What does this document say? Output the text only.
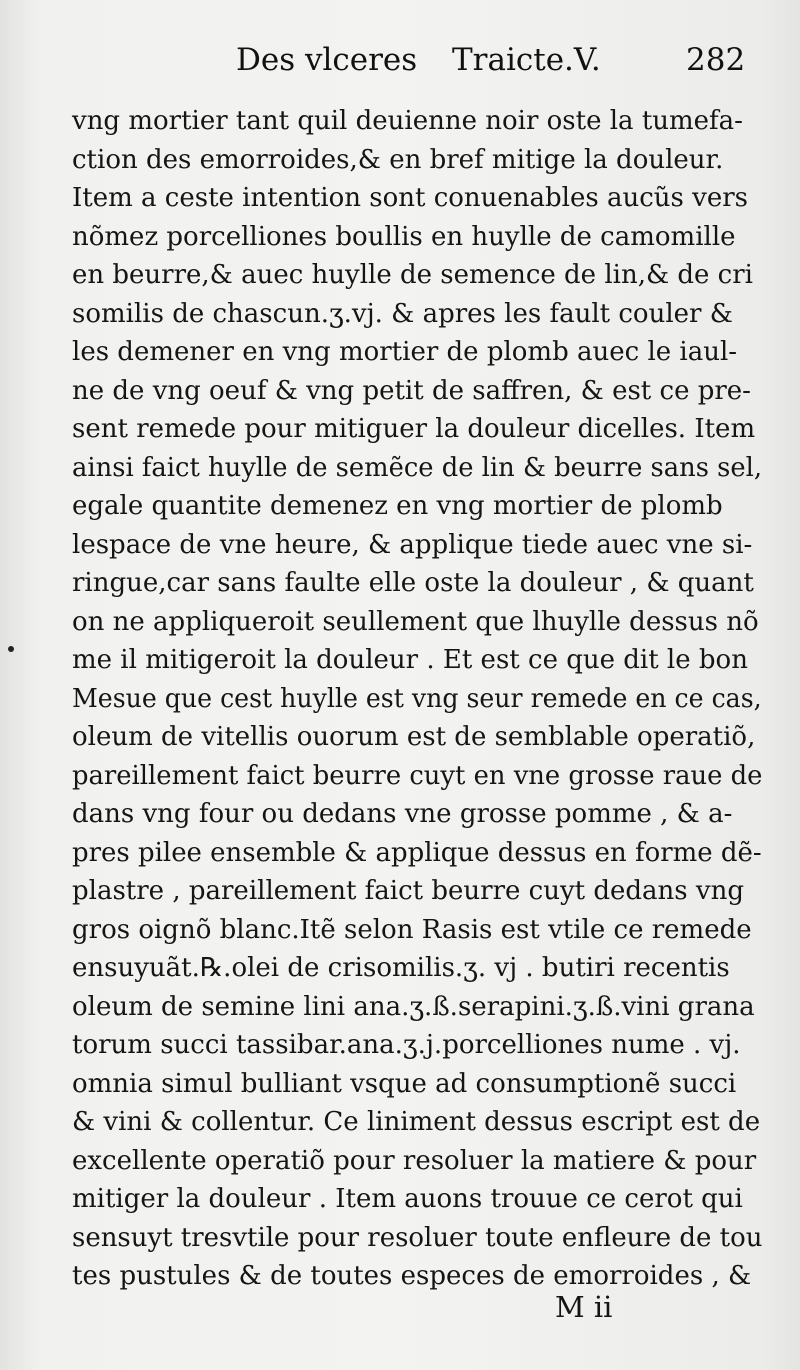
Des vlceres Traicte.V.	282
vng mortier tant quil deuienne noir oste la tumefa-
ction des emorroides,& en bref mitige la douleur.
Item a ceste intention sont conuenables aucũs vers
nõmez porcelliones boullis en huylle de camomille
en beurre,& auec huylle de semence de lin,& de cri
somilis de chascun.ʒ.vj. & apres les fault couler &
les demener en vng mortier de plomb auec le iaul-
ne de vng oeuf & vng petit de saffren, & est ce pre-
sent remede pour mitiguer la douleur dicelles. Item
ainsi faict huylle de semẽce de lin & beurre sans sel,
egale quantite demenez en vng mortier de plomb
lespace de vne heure, & applique tiede auec vne si-
ringue,car sans faulte elle oste la douleur , & quant
on ne appliqueroit seullement que lhuylle dessus nõ
me il mitigeroit la douleur . Et est ce que dit le bon
Mesue que cest huylle est vng seur remede en ce cas,
oleum de vitellis ouorum est de semblable operatiõ,
pareillement faict beurre cuyt en vne grosse raue de
dans vng four ou dedans vne grosse pomme , & a-
pres pilee ensemble & applique dessus en forme dẽ-
plastre , pareillement faict beurre cuyt dedans vng
gros oignõ blanc.Itẽ selon Rasis est vtile ce remede
ensuyuãt.℞.olei de crisomilis.ʒ. vj . butiri recentis
oleum de semine lini ana.ʒ.ß.serapini.ʒ.ß.vini grana
torum succi tassibar.ana.ʒ.j.porcelliones nume . vj.
omnia simul bulliant vsque ad consumptionẽ succi
& vini & collentur. Ce liniment dessus escript est de
excellente operatiõ pour resoluer la matiere & pour
mitiger la douleur . Item auons trouue ce cerot qui
sensuyt tresvtile pour resoluer toute enfleure de tou
tes pustules & de toutes especes de emorroides , &
M ii
